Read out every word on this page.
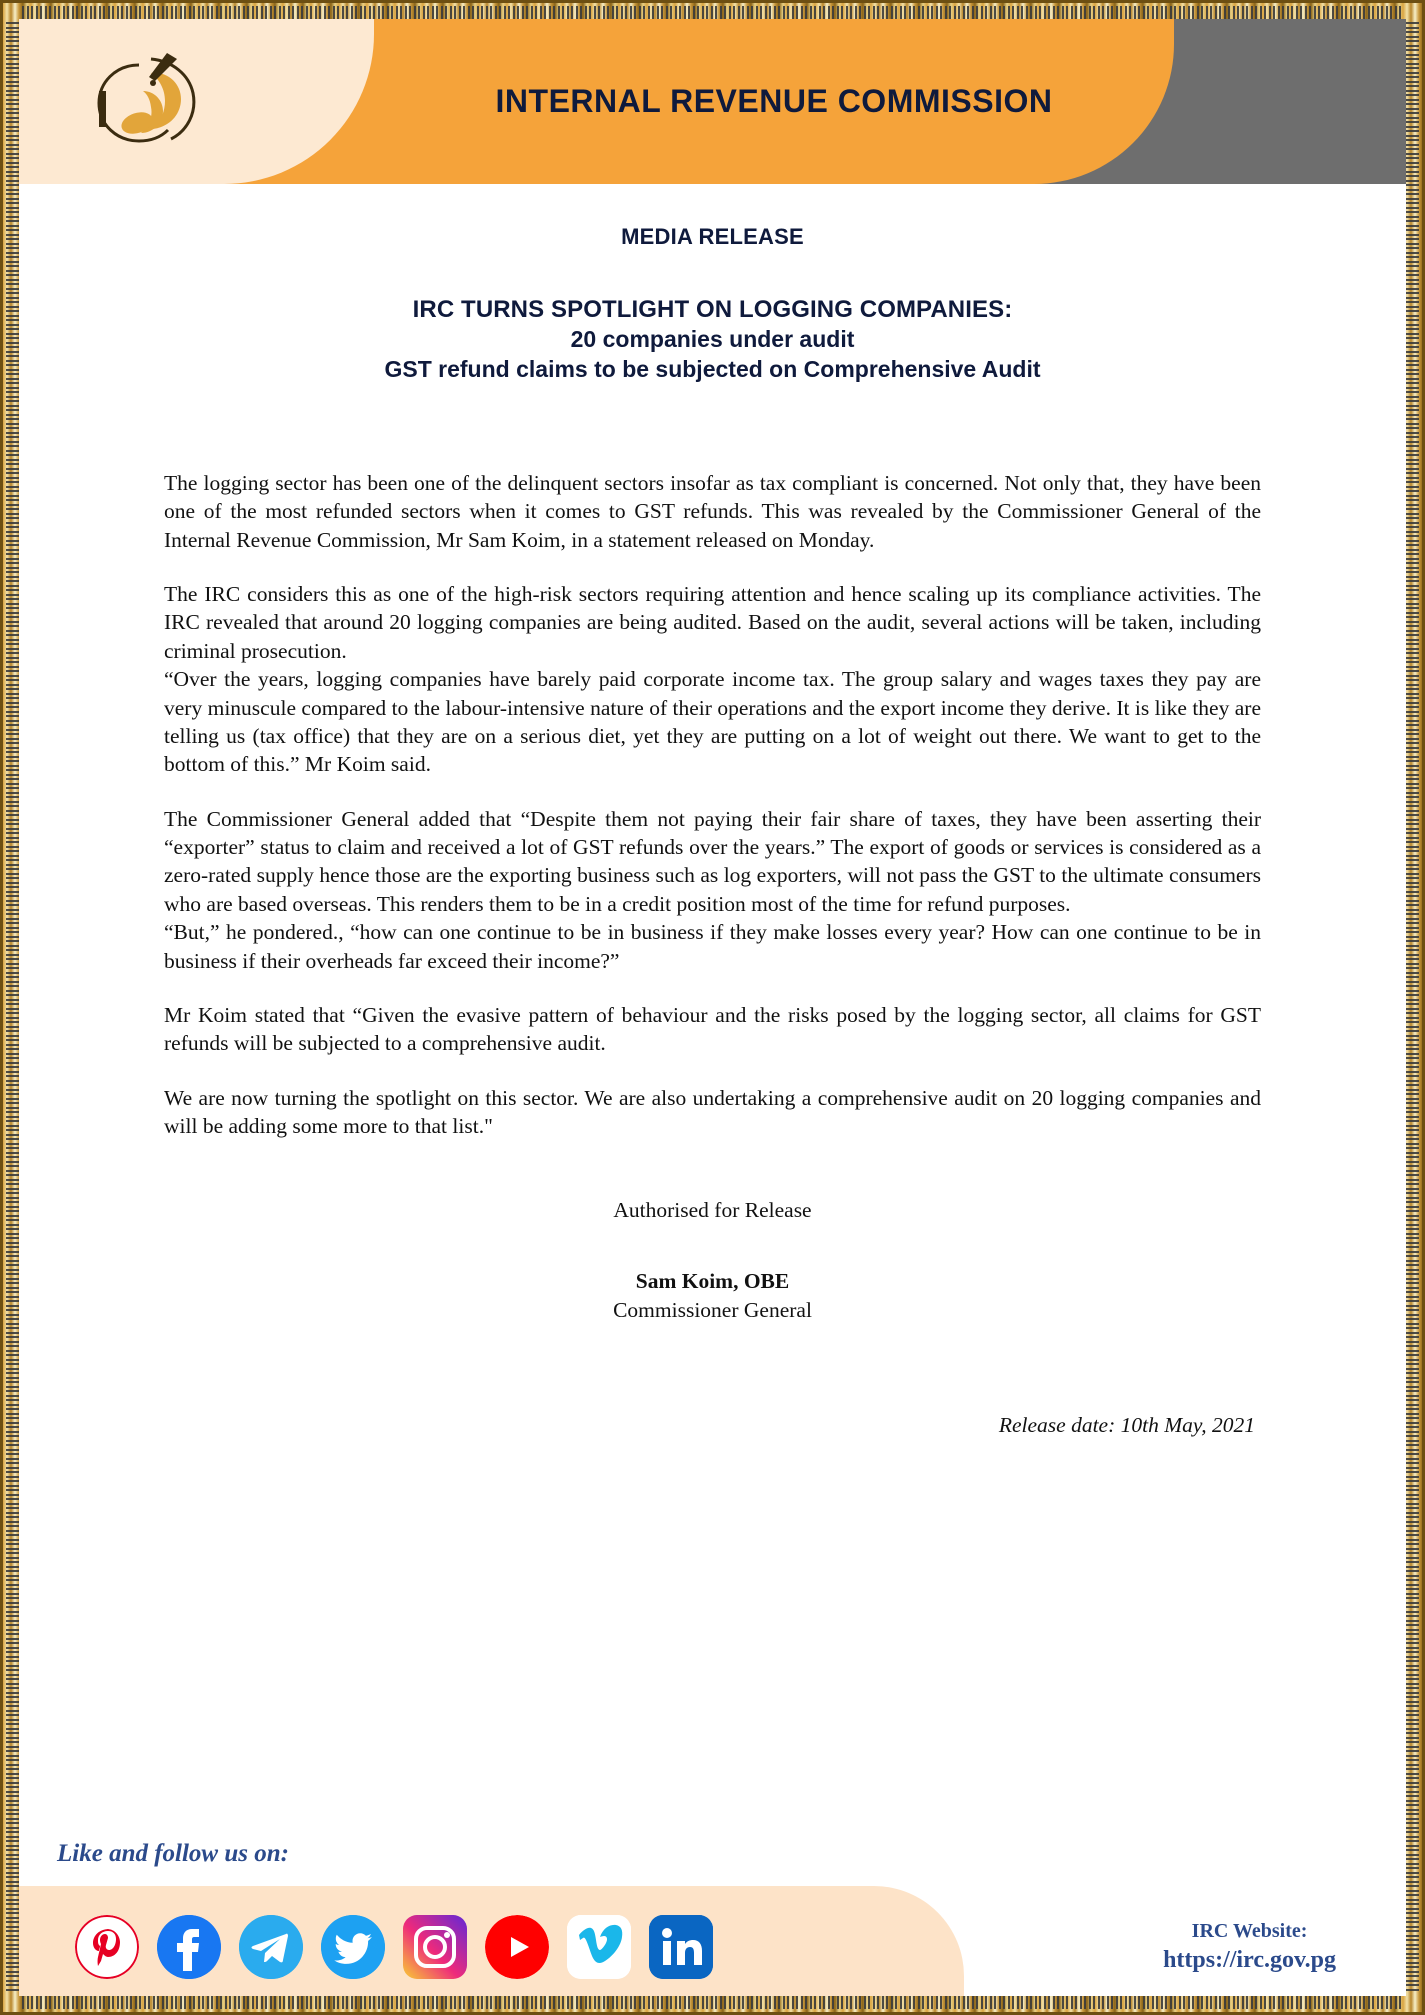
INTERNAL REVENUE COMMISSION
MEDIA RELEASE
IRC TURNS SPOTLIGHT ON LOGGING COMPANIES:
20 companies under audit
GST refund claims to be subjected on Comprehensive Audit

The logging sector has been one of the delinquent sectors insofar as tax compliant is concerned. Not only that, they have been one of the most refunded sectors when it comes to GST refunds. This was revealed by the Commissioner General of the Internal Revenue Commission, Mr Sam Koim, in a statement released on Monday.

The IRC considers this as one of the high-risk sectors requiring attention and hence scaling up its compliance activities. The IRC revealed that around 20 logging companies are being audited. Based on the audit, several actions will be taken, including criminal prosecution.

“Over the years, logging companies have barely paid corporate income tax. The group salary and wages taxes they pay are very minuscule compared to the labour-intensive nature of their operations and the export income they derive. It is like they are telling us (tax office) that they are on a serious diet, yet they are putting on a lot of weight out there. We want to get to the bottom of this.” Mr Koim said.

The Commissioner General added that “Despite them not paying their fair share of taxes, they have been asserting their “exporter” status to claim and received a lot of GST refunds over the years.” The export of goods or services is considered as a zero-rated supply hence those are the exporting business such as log exporters, will not pass the GST to the ultimate consumers who are based overseas. This renders them to be in a credit position most of the time for refund purposes.

“But,” he pondered., “how can one continue to be in business if they make losses every year? How can one continue to be in business if their overheads far exceed their income?”

Mr Koim stated that “Given the evasive pattern of behaviour and the risks posed by the logging sector, all claims for GST refunds will be subjected to a comprehensive audit.

We are now turning the spotlight on this sector. We are also undertaking a comprehensive audit on 20 logging companies and will be adding some more to that list."

Authorised for Release
Sam Koim, OBE
Commissioner General
Release date: 10th May, 2021
Like and follow us on:
IRC Website:
https://irc.gov.pg
